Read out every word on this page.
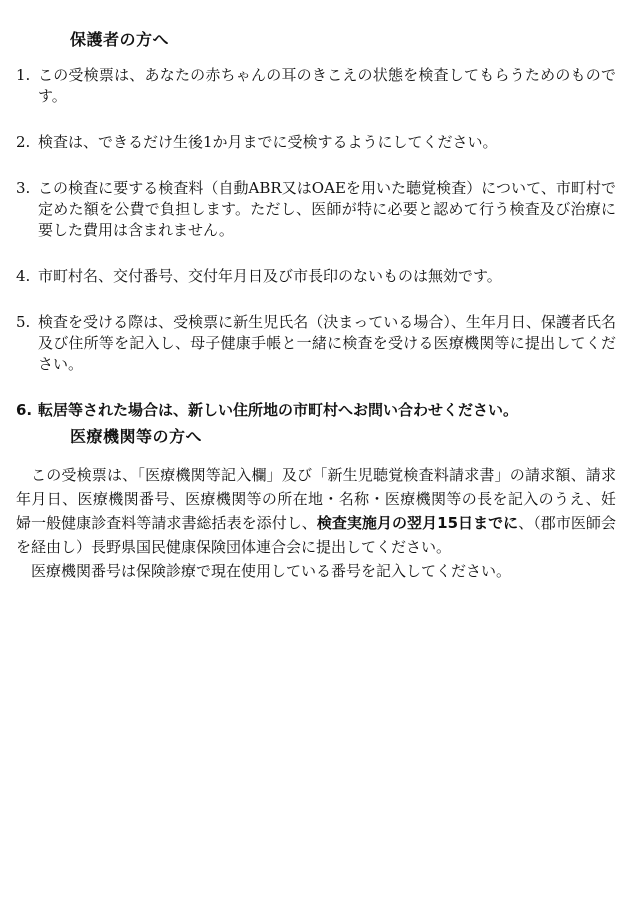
保護者の方へ
1. この受検票は、あなたの赤ちゃんの耳のきこえの状態を検査してもらうためのものです。
2. 検査は、できるだけ生後1か月までに受検するようにしてください。
3. この検査に要する検査料（自動ABR又はOAEを用いた聴覚検査）について、市町村で定めた額を公費で負担します。ただし、医師が特に必要と認めて行う検査及び治療に要した費用は含まれません。
4. 市町村名、交付番号、交付年月日及び市長印のないものは無効です。
5. 検査を受ける際は、受検票に新生児氏名（決まっている場合）、生年月日、保護者氏名及び住所等を記入し、母子健康手帳と一緒に検査を受ける医療機関等に提出してください。
6. 転居等された場合は、新しい住所地の市町村へお問い合わせください。
医療機関等の方へ

この受検票は、「医療機関等記入欄」及び「新生児聴覚検査料請求書」の請求額、請求年月日、医療機関番号、医療機関等の所在地・名称・医療機関等の長を記入のうえ、妊婦一般健康診査料等請求書総括表を添付し、検査実施月の翌月15日までに、（郡市医師会を経由し）長野県国民健康保険団体連合会に提出してください。

医療機関番号は保険診療で現在使用している番号を記入してください。
